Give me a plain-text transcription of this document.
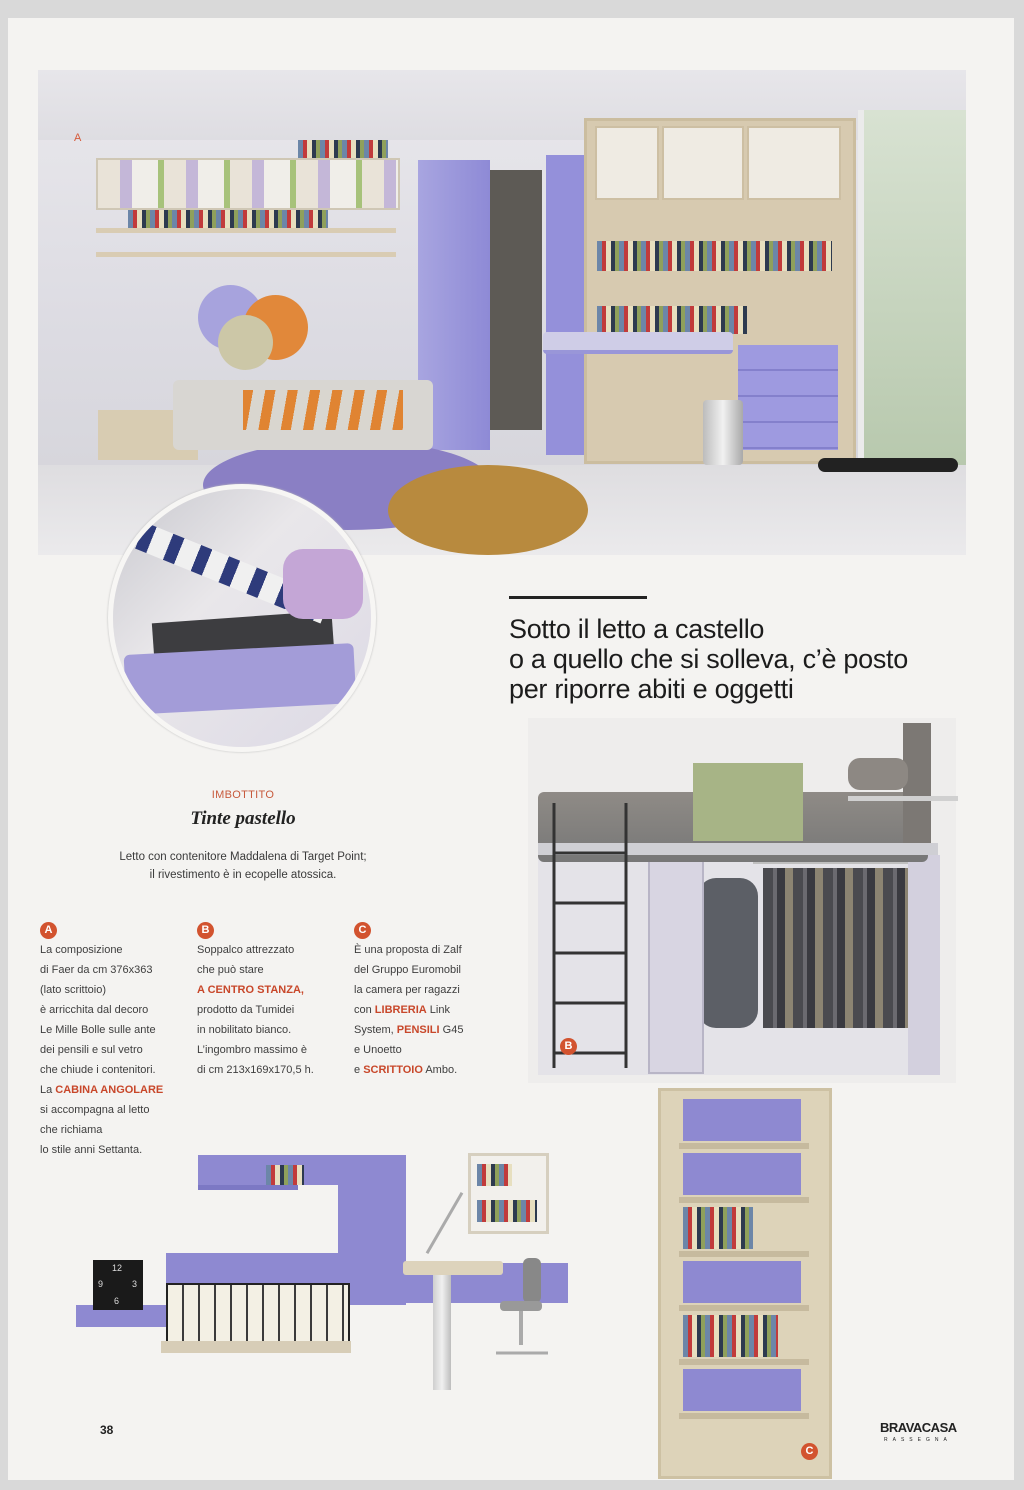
A
Sotto il letto a castello
o a quello che si solleva, c’è posto
per riporre abiti e oggetti
IMBOTTITO
Tinte pastello
Letto con contenitore Maddalena di Target Point;
il rivestimento è in ecopelle atossica.
A
La composizione
di Faer da cm 376x363
(lato scrittoio)
è arricchita dal decoro
Le Mille Bolle sulle ante
dei pensili e sul vetro
che chiude i contenitori.
La CABINA ANGOLARE
si accompagna al letto
che richiama
lo stile anni Settanta.
B
Soppalco attrezzato
che può stare
A CENTRO STANZA,
prodotto da Tumidei
in nobilitato bianco.
L’ingombro massimo è
di cm 213x169x170,5 h.
C
È una proposta di Zalf
del Gruppo Euromobil
la camera per ragazzi
con LIBRERIA Link
System, PENSILI G45
e Unoetto
e SCRITTOIO Ambo.
B
12
9	3
6
C
38	BRAVACASA
RASSEGNA
